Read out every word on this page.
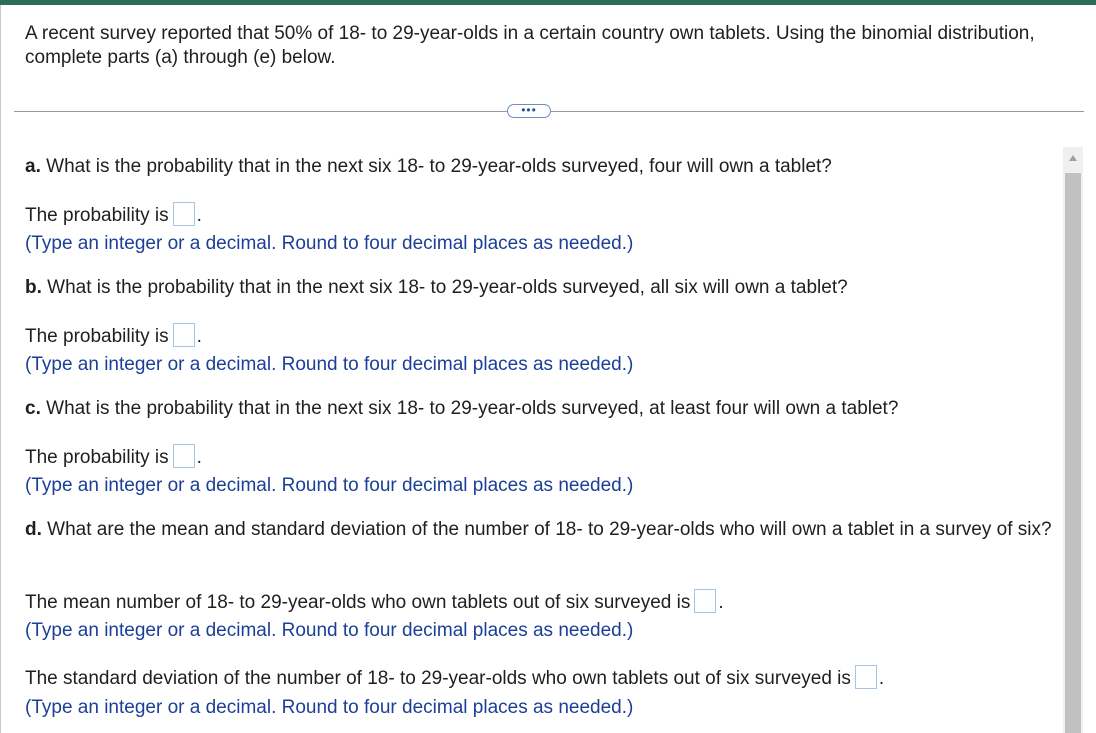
A recent survey reported that 50% of 18- to 29-year-olds in a certain country own tablets. Using the binomial distribution, complete parts (a) through (e) below.
•••
a. What is the probability that in the next six 18- to 29-year-olds surveyed, four will own a tablet?
The probability is .
(Type an integer or a decimal. Round to four decimal places as needed.)
b. What is the probability that in the next six 18- to 29-year-olds surveyed, all six will own a tablet?
The probability is .
(Type an integer or a decimal. Round to four decimal places as needed.)
c. What is the probability that in the next six 18- to 29-year-olds surveyed, at least four will own a tablet?
The probability is .
(Type an integer or a decimal. Round to four decimal places as needed.)
d. What are the mean and standard deviation of the number of 18- to 29-year-olds who will own a tablet in a survey of six?
The mean number of 18- to 29-year-olds who own tablets out of six surveyed is .
(Type an integer or a decimal. Round to four decimal places as needed.)
The standard deviation of the number of 18- to 29-year-olds who own tablets out of six surveyed is .
(Type an integer or a decimal. Round to four decimal places as needed.)
